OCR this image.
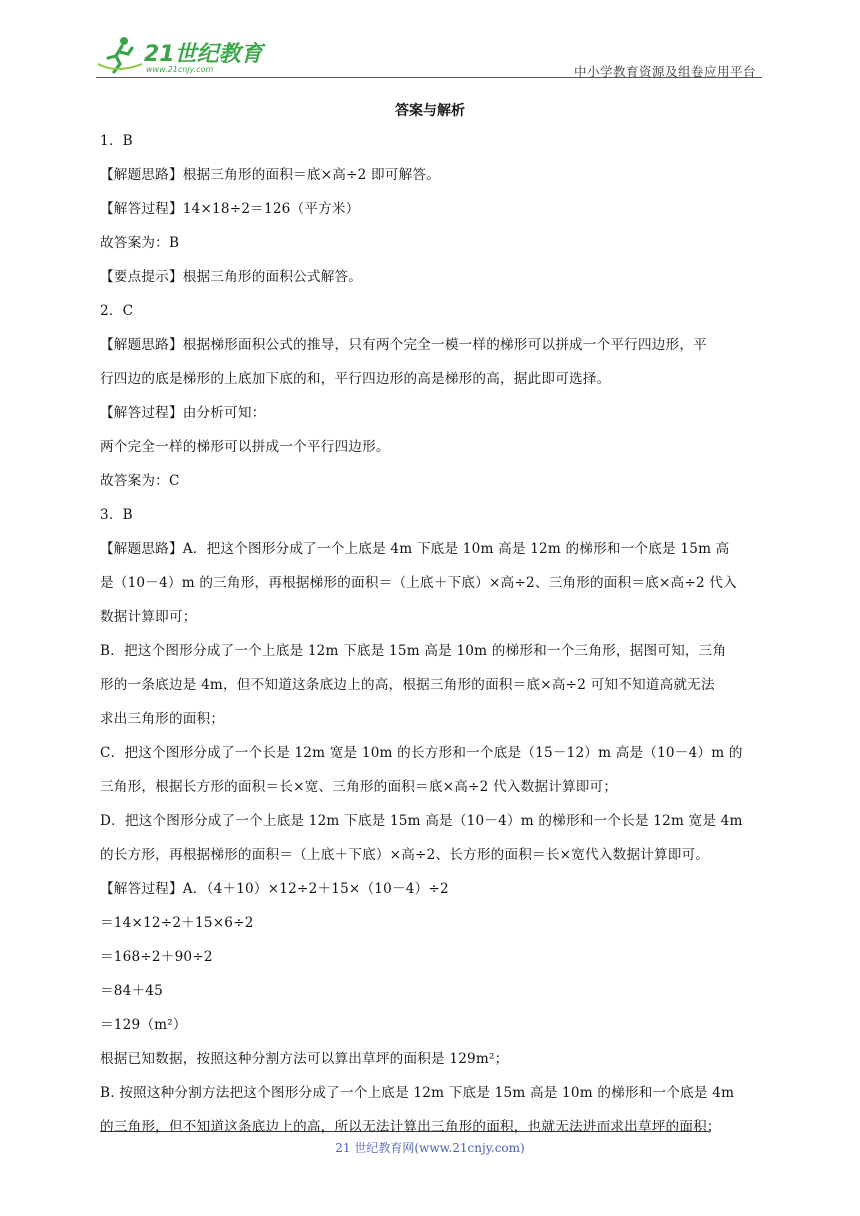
21世纪教育
www.21cnjy.com	中小学教育资源及组卷应用平台
答案与解析
1．B
【解题思路】根据三角形的面积＝底×高÷2 即可解答。
【解答过程】14×18÷2＝126（平方米）
故答案为：B
【要点提示】根据三角形的面积公式解答。
2．C
【解题思路】根据梯形面积公式的推导，只有两个完全一模一样的梯形可以拼成一个平行四边形，平
行四边的底是梯形的上底加下底的和，平行四边形的高是梯形的高，据此即可选择。
【解答过程】由分析可知：
两个完全一样的梯形可以拼成一个平行四边形。
故答案为：C
3．B
【解题思路】A．把这个图形分成了一个上底是 4m 下底是 10m 高是 12m 的梯形和一个底是 15m 高
是（10－4）m 的三角形，再根据梯形的面积＝（上底＋下底）×高÷2、三角形的面积＝底×高÷2 代入
数据计算即可；
B．把这个图形分成了一个上底是 12m 下底是 15m 高是 10m 的梯形和一个三角形，据图可知，三角
形的一条底边是 4m，但不知道这条底边上的高，根据三角形的面积＝底×高÷2 可知不知道高就无法
求出三角形的面积；
C．把这个图形分成了一个长是 12m 宽是 10m 的长方形和一个底是（15－12）m 高是（10－4）m 的
三角形，根据长方形的面积＝长×宽、三角形的面积＝底×高÷2 代入数据计算即可；
D．把这个图形分成了一个上底是 12m 下底是 15m 高是（10－4）m 的梯形和一个长是 12m 宽是 4m
的长方形，再根据梯形的面积＝（上底＋下底）×高÷2、长方形的面积＝长×宽代入数据计算即可。
【解答过程】A．（4＋10）×12÷2＋15×（10－4）÷2
＝14×12÷2＋15×6÷2
＝168÷2＋90÷2
＝84＋45
＝129（m²）
根据已知数据，按照这种分割方法可以算出草坪的面积是 129m²；
B. 按照这种分割方法把这个图形分成了一个上底是 12m 下底是 15m 高是 10m 的梯形和一个底是 4m
的三角形，但不知道这条底边上的高，所以无法计算出三角形的面积，也就无法进而求出草坪的面积；
21 世纪教育网(www.21cnjy.com)
